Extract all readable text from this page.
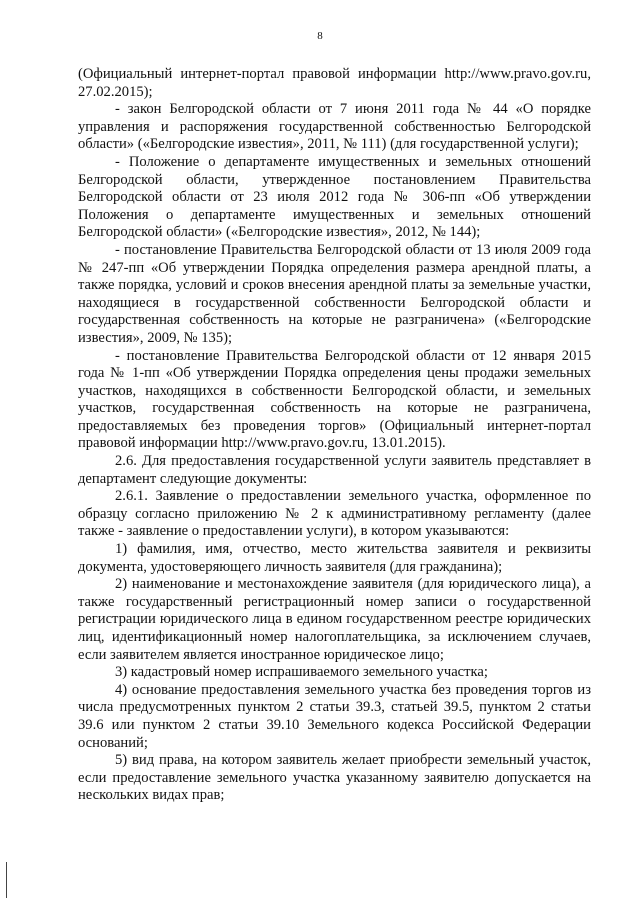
8

(Официальный интернет-портал правовой информации http://www.pravo.gov.ru, 27.02.2015);

- закон Белгородской области от 7 июня 2011 года № 44 «О порядке управления и распоряжения государственной собственностью Белгородской области» («Белгородские известия», 2011, № 111) (для государственной услуги);

- Положение о департаменте имущественных и земельных отношений Белгородской области, утвержденное постановлением Правительства Белгородской области от 23 июля 2012 года № 306-пп «Об утверждении Положения о департаменте имущественных и земельных отношений Белгородской области» («Белгородские известия», 2012, № 144);

- постановление Правительства Белгородской области от 13 июля 2009 года № 247-пп «Об утверждении Порядка определения размера арендной платы, а также порядка, условий и сроков внесения арендной платы за земельные участки, находящиеся в государственной собственности Белгородской области и государственная собственность на которые не разграничена» («Белгородские известия», 2009, № 135);

- постановление Правительства Белгородской области от 12 января 2015 года № 1-пп «Об утверждении Порядка определения цены продажи земельных участков, находящихся в собственности Белгородской области, и земельных участков, государственная собственность на которые не разграничена, предоставляемых без проведения торгов» (Официальный интернет-портал правовой информации http://www.pravo.gov.ru, 13.01.2015).

2.6. Для предоставления государственной услуги заявитель представляет в департамент следующие документы:

2.6.1. Заявление о предоставлении земельного участка, оформленное по образцу согласно приложению № 2 к административному регламенту (далее также - заявление о предоставлении услуги), в котором указываются:

1) фамилия, имя, отчество, место жительства заявителя и реквизиты документа, удостоверяющего личность заявителя (для гражданина);

2) наименование и местонахождение заявителя (для юридического лица), а также государственный регистрационный номер записи о государственной регистрации юридического лица в едином государственном реестре юридических лиц, идентификационный номер налогоплательщика, за исключением случаев, если заявителем является иностранное юридическое лицо;

3) кадастровый номер испрашиваемого земельного участка;

4) основание предоставления земельного участка без проведения торгов из числа предусмотренных пунктом 2 статьи 39.3, статьей 39.5, пунктом 2 статьи 39.6 или пунктом 2 статьи 39.10 Земельного кодекса Российской Федерации оснований;

5) вид права, на котором заявитель желает приобрести земельный участок, если предоставление земельного участка указанному заявителю допускается на нескольких видах прав;
